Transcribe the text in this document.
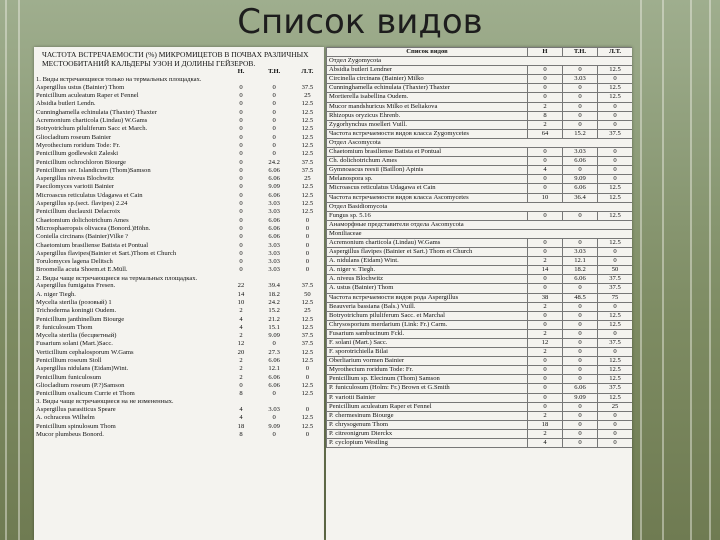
Список видов
ЧАСТОТА ВСТРЕЧАЕМОСТИ (%) МИКРОМИЦЕТОВ В ПОЧВАХ РАЗЛИЧНЫХ МЕСТООБИТАНИЙ КАЛЬДЕРЫ УЗОН И ДОЛИНЫ ГЕЙЗЕРОВ.
	Н.	Т.Н.	Л.Т.
1. Виды встречающиеся только на термальных площадках.			
Aspergillus ustus (Bainier) Thom	0	0	37.5
Penicillium aculeatum Raper et Fennel	0	0	25
Absidia butleri Lendn.	0	0	12.5
Cunninghamella echinulata (Thaxter) Thaxter	0	0	12.5
Acremonium charticola (Lindau) W.Gams	0	0	12.5
Botryotrichum piluliferum Sacc et March.	0	0	12.5
Gliocladium roseum Bainier	0	0	12.5
Myrothecium roridum Tode: Fr.	0	0	12.5
Penicillium godlewskii Zaleski	0	0	12.5
Penicillium ochrochloron Biourge	0	24.2	37.5
Penicillium ser. Islandicum (Thom)Samson	0	6.06	37.5
Aspergillus niveus Blochwitz	0	6.06	25
Paecilomyces variotii Bainier	0	9.09	12.5
Microascus reticulatus Udagawa et Cain	0	6.06	12.5
Aspergillus sp.(sect. flavipes) 2.24	0	3.03	12.5
Penicillium duclauxii Delacroix	0	3.03	12.5
Chaetomium dolichotrichum Ames	0	6.06	0
Microsphaeropsis olivacea (Bonord.)Höhn.	0	6.06	0
Coniella circinans (Bainier)Vilke ?	0	6.06	0
Chaetomium brasiliense Batista et Pontual	0	3.03	0
Aspergillus flavipes(Bainier et Sart.)Thom et Church	0	3.03	0
Torulomyces lagena Delitsch	0	3.03	0
Broomella acuta Shoem.et E.Müll.	0	3.03	0
2. Виды чаще встречающиеся на термальных площадках.			
Aspergillus fumigatus Fresen.	22	39.4	37.5
A. niger Tiegh.	14	18.2	50
Mycelia sterilia (розовый) 1	10	24.2	12.5
Trichoderma koningii Oudem.	2	15.2	25
Penicillium janthinellum Biourge	4	21.2	12.5
P. funiculosum Thom	4	15.1	12.5
Mycelia sterilia (бесцветный)	2	9.09	37.5
Fusarium solani (Mart.)Sacc.	12	0	37.5
Verticillium cephalosporum W.Gams	20	27.3	12.5
Penicillium roseum Stoll	2	6.06	12.5
Aspergillus nidulans (Eidam)Wint.	2	12.1	0
Penicillium funiculosum	2	6.06	0
Gliocladium roseum (P.?)Samson	0	6.06	12.5
Penicillium oxalicum Currie et Thom	8	0	12.5
3. Виды чаще встречающиеся на не измененных.			
Aspergillus parasiticus Speare	4	3.03	0
A. ochraceus Wilhelm	4	0	12.5
Penicillium spinulosum Thom	18	9.09	12.5
Mucor plumbeus Bonord.	8	0	0
Список видов	Н	Т.Н.	Л.Т.
Отдел Zygomycota			
Absidia butleri Lendner	0	0	12.5
Circinella circinans (Bainier) Milko	0	3.03	0
Cunninghamella echinulata (Thaxter) Thaxter	0	0	12.5
Mortierella isabellina Oudem.	0	0	12.5
Mucor mandshuricus Milko et Beliakova	2	0	0
Rhizopus oryzicus Ehrenb.	8	0	0
Zygorhynchus moelleri Vuill.	2	0	0
Частота встречаемости видов класса Zygomycetes	64	15.2	37.5
Отдел Ascomycota			
Chaetomium brasiliense Batista et Pontual	0	3.03	0
Ch. dolichotrichum Ames	0	6.06	0
Gymnoascus reesii (Baillon) Apinis	4	0	0
Melanospora sp.	0	9.09	0
Microascus reticulatus Udagawa et Cain	0	6.06	12.5
Частота встречаемости видов класса Ascomycetes	10	36.4	12.5
Отдел Basidiomycota			
Fungus sp. 5.16	0	0	12.5
Анаморфные представители отдела Ascomycota			
Moniliaceae			
Acremonium charticola (Lindau) W.Gams	0	0	12.5
Aspergillus flavipes (Bainier et Sart.) Thom et Church	0	3.03	0
A. nidulans (Eidam) Wint.	2	12.1	0
A. niger v. Tiegh.	14	18.2	50
A. niveus Blochwitz	0	6.06	37.5
A. ustus (Bainier) Thom	0	0	37.5
Частота встречаемости видов рода Aspergillus	38	48.5	75
Beauveria bassiana (Bals.) Vuill.	2	0	0
Botryotrichum piluliferum Sacc. et Marchal	0	0	12.5
Chrysosporium merdarium (Link: Fr.) Carm.	0	0	12.5
Fusarium sambucinum Fckl.	2	0	0
F. solani (Mart.) Sacc.	12	0	37.5
F. sporotrichiella Bilai	2	0	0
Oberliarium vormen Bainier	0	0	12.5
Myrothecium roridum Tode: Fr.	0	0	12.5
Penicillium sp. Elecinum (Thom) Samson	0	0	12.5
P. funiculosum (Holm: Fr.) Brown et G.Smith	0	6.06	37.5
P. variotii Bainier	0	9.09	12.5
Penicillium aculeatum Raper et Fennel	0	0	25
P. chermesinum Biourge	2	0	0
P. chrysogenum Thom	18	0	0
P. citreonigrum Dierckx	2	0	0
P. cyclopium Westling	4	0	0
